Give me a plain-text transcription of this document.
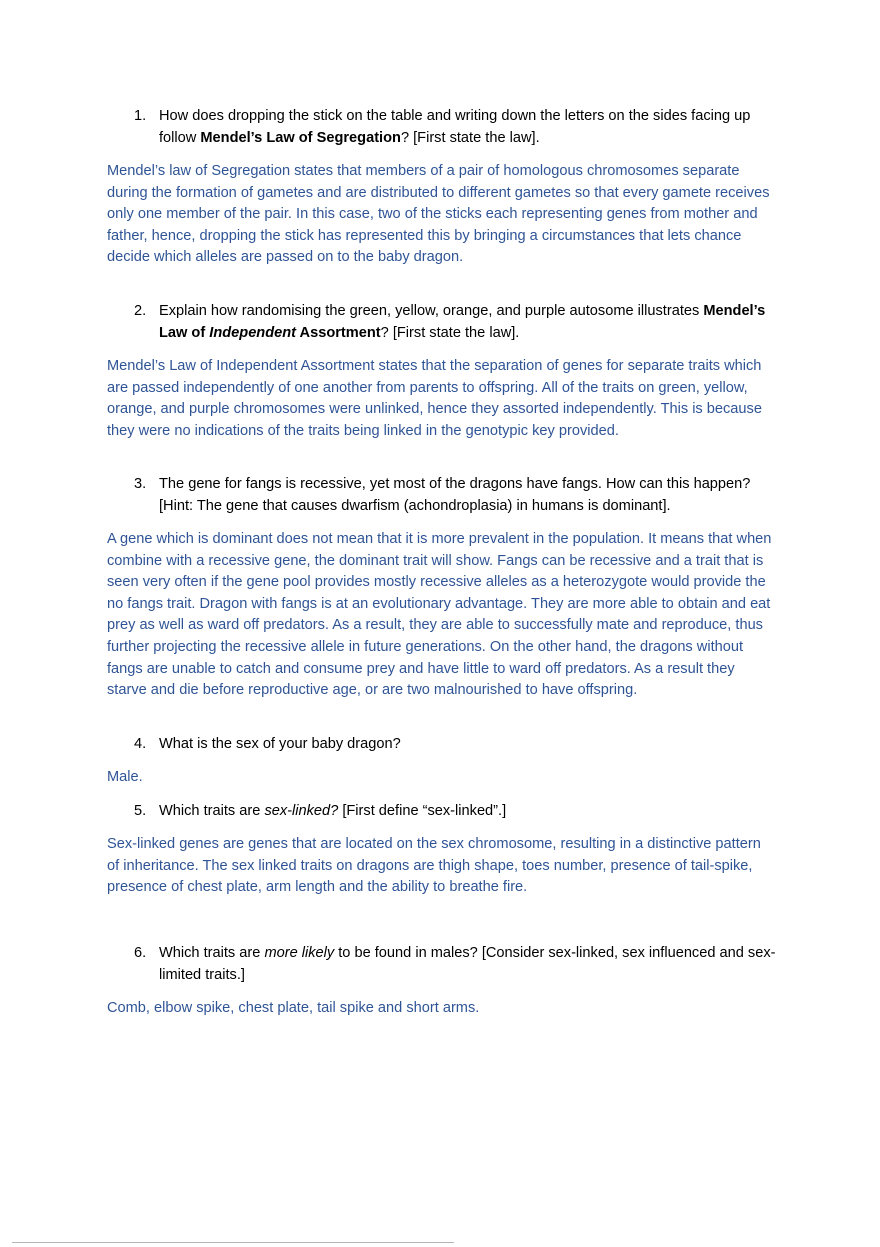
1. How does dropping the stick on the table and writing down the letters on the sides facing up follow Mendel’s Law of Segregation? [First state the law].
Mendel’s law of Segregation states that members of a pair of homologous chromosomes separate during the formation of gametes and are distributed to different gametes so that every gamete receives only one member of the pair. In this case, two of the sticks each representing genes from mother and father, hence, dropping the stick has represented this by bringing a circumstances that lets chance decide which alleles are passed on to the baby dragon.
2. Explain how randomising the green, yellow, orange, and purple autosome illustrates Mendel’s Law of Independent Assortment? [First state the law].
Mendel’s Law of Independent Assortment states that the separation of genes for separate traits which are passed independently of one another from parents to offspring. All of the traits on green, yellow, orange, and purple chromosomes were unlinked, hence they assorted independently. This is because they were no indications of the traits being linked in the genotypic key provided.
3. The gene for fangs is recessive, yet most of the dragons have fangs. How can this happen? [Hint: The gene that causes dwarfism (achondroplasia) in humans is dominant].
A gene which is dominant does not mean that it is more prevalent in the population. It means that when combine with a recessive gene, the dominant trait will show. Fangs can be recessive and a trait that is seen very often if the gene pool provides mostly recessive alleles as a heterozygote would provide the no fangs trait. Dragon with fangs is at an evolutionary advantage. They are more able to obtain and eat prey as well as ward off predators. As a result, they are able to successfully mate and reproduce, thus further projecting the recessive allele in future generations. On the other hand, the dragons without fangs are unable to catch and consume prey and have little to ward off predators. As a result they starve and die before reproductive age, or are two malnourished to have offspring.
4. What is the sex of your baby dragon?
Male.
5. Which traits are sex-linked? [First define “sex-linked”.]
Sex-linked genes are genes that are located on the sex chromosome, resulting in a distinctive pattern of inheritance. The sex linked traits on dragons are thigh shape, toes number, presence of tail-spike, presence of chest plate, arm length and the ability to breathe fire.
6. Which traits are more likely to be found in males? [Consider sex-linked, sex influenced and sex-limited traits.]
Comb, elbow spike, chest plate, tail spike and short arms.
